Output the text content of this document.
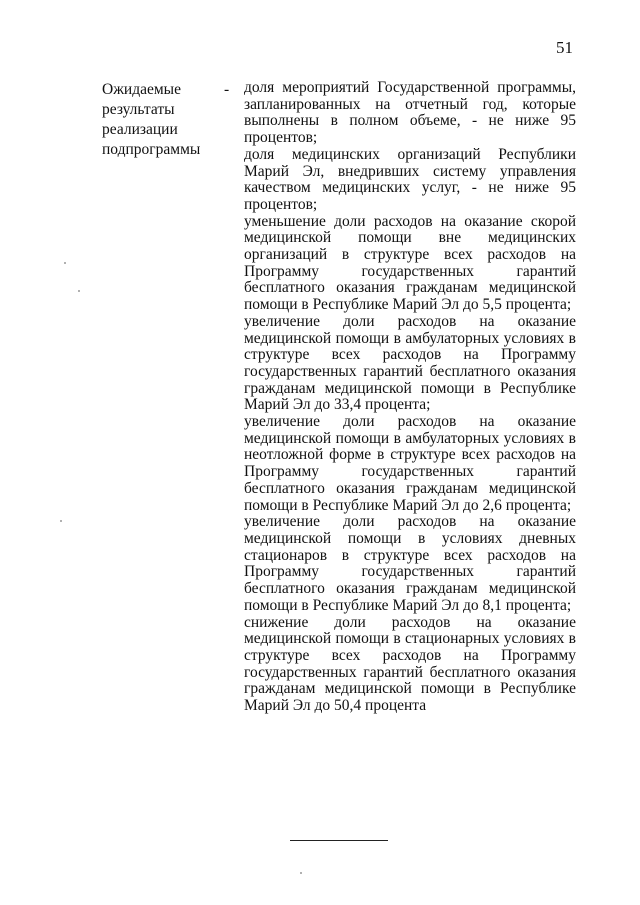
51
Ожидаемые
результаты
реализации
подпрограммы
- доля мероприятий Государственной программы, запланированных на отчетный год, которые выполнены в полном объеме, - не ниже 95 процентов;

доля медицинских организаций Республики Марий Эл, внедривших систему управления качеством медицинских услуг, - не ниже 95 процентов;

уменьшение доли расходов на оказание скорой медицинской помощи вне медицинских организаций в структуре всех расходов на Программу государственных гарантий бесплатного оказания гражданам медицинской помощи в Республике Марий Эл до 5,5 процента;

увеличение доли расходов на оказание медицинской помощи в амбулаторных условиях в структуре всех расходов на Программу государственных гарантий бесплатного оказания гражданам медицинской помощи в Республике Марий Эл до 33,4 процента;

увеличение доли расходов на оказание медицинской помощи в амбулаторных условиях в неотложной форме в структуре всех расходов на Программу государственных гарантий бесплатного оказания гражданам медицинской помощи в Республике Марий Эл до 2,6 процента;

увеличение доли расходов на оказание медицинской помощи в условиях дневных стационаров в структуре всех расходов на Программу государственных гарантий бесплатного оказания гражданам медицинской помощи в Республике Марий Эл до 8,1 процента;

снижение доли расходов на оказание медицинской помощи в стационарных условиях в структуре всех расходов на Программу государственных гарантий бесплатного оказания гражданам медицинской помощи в Республике Марий Эл до 50,4 процента
